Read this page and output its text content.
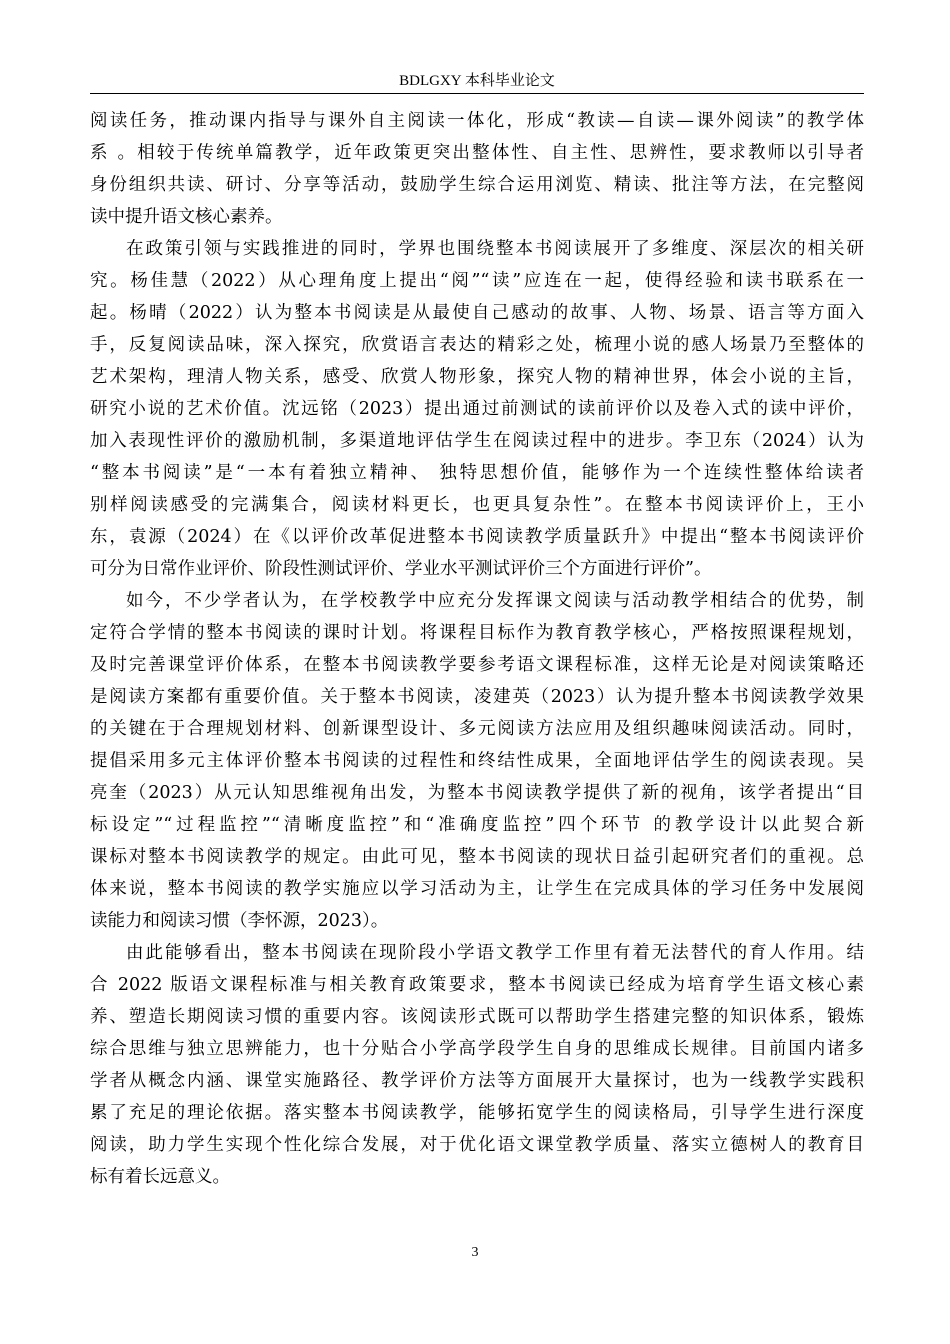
BDLGXY 本科毕业论文
阅读任务，推动课内指导与课外自主阅读一体化，形成“教读—自读—课外阅读”的教学体
系 。相较于传统单篇教学，近年政策更突出整体性、自主性、思辨性，要求教师以引导者
身份组织共读、研讨、分享等活动，鼓励学生综合运用浏览、精读、批注等方法，在完整阅
读中提升语文核心素养。
在政策引领与实践推进的同时，学界也围绕整本书阅读展开了多维度、深层次的相关研
究。杨佳慧（2022）从心理角度上提出“阅”“读”应连在一起，使得经验和读书联系在一
起。杨晴（2022）认为整本书阅读是从最使自己感动的故事、人物、场景、语言等方面入
手，反复阅读品味，深入探究，欣赏语言表达的精彩之处，梳理小说的感人场景乃至整体的
艺术架构，理清人物关系，感受、欣赏人物形象，探究人物的精神世界，体会小说的主旨，
研究小说的艺术价值。沈远铭（2023）提出通过前测试的读前评价以及卷入式的读中评价，
加入表现性评价的激励机制，多渠道地评估学生在阅读过程中的进步。李卫东（2024）认为
“整本书阅读”是“一本有着独立精神、 独特思想价值，能够作为一个连续性整体给读者
别样阅读感受的完满集合，阅读材料更长，也更具复杂性”。在整本书阅读评价上，王小
东，袁源（2024）在《以评价改革促进整本书阅读教学质量跃升》中提出“整本书阅读评价
可分为日常作业评价、阶段性测试评价、学业水平测试评价三个方面进行评价”。
如今，不少学者认为，在学校教学中应充分发挥课文阅读与活动教学相结合的优势，制
定符合学情的整本书阅读的课时计划。将课程目标作为教育教学核心，严格按照课程规划，
及时完善课堂评价体系，在整本书阅读教学要参考语文课程标准，这样无论是对阅读策略还
是阅读方案都有重要价值。关于整本书阅读，凌建英（2023）认为提升整本书阅读教学效果
的关键在于合理规划材料、创新课型设计、多元阅读方法应用及组织趣味阅读活动。同时，
提倡采用多元主体评价整本书阅读的过程性和终结性成果，全面地评估学生的阅读表现。吴
亮奎（2023）从元认知思维视角出发，为整本书阅读教学提供了新的视角，该学者提出“目
标设定”“过程监控”“清晰度监控”和“准确度监控”四个环节 的教学设计以此契合新
课标对整本书阅读教学的规定。由此可见，整本书阅读的现状日益引起研究者们的重视。总
体来说，整本书阅读的教学实施应以学习活动为主，让学生在完成具体的学习任务中发展阅
读能力和阅读习惯（李怀源，2023）。
由此能够看出，整本书阅读在现阶段小学语文教学工作里有着无法替代的育人作用。结
合 2022 版语文课程标准与相关教育政策要求，整本书阅读已经成为培育学生语文核心素
养、塑造长期阅读习惯的重要内容。该阅读形式既可以帮助学生搭建完整的知识体系，锻炼
综合思维与独立思辨能力，也十分贴合小学高学段学生自身的思维成长规律。目前国内诸多
学者从概念内涵、课堂实施路径、教学评价方法等方面展开大量探讨，也为一线教学实践积
累了充足的理论依据。落实整本书阅读教学，能够拓宽学生的阅读格局，引导学生进行深度
阅读，助力学生实现个性化综合发展，对于优化语文课堂教学质量、落实立德树人的教育目
标有着长远意义。
3
